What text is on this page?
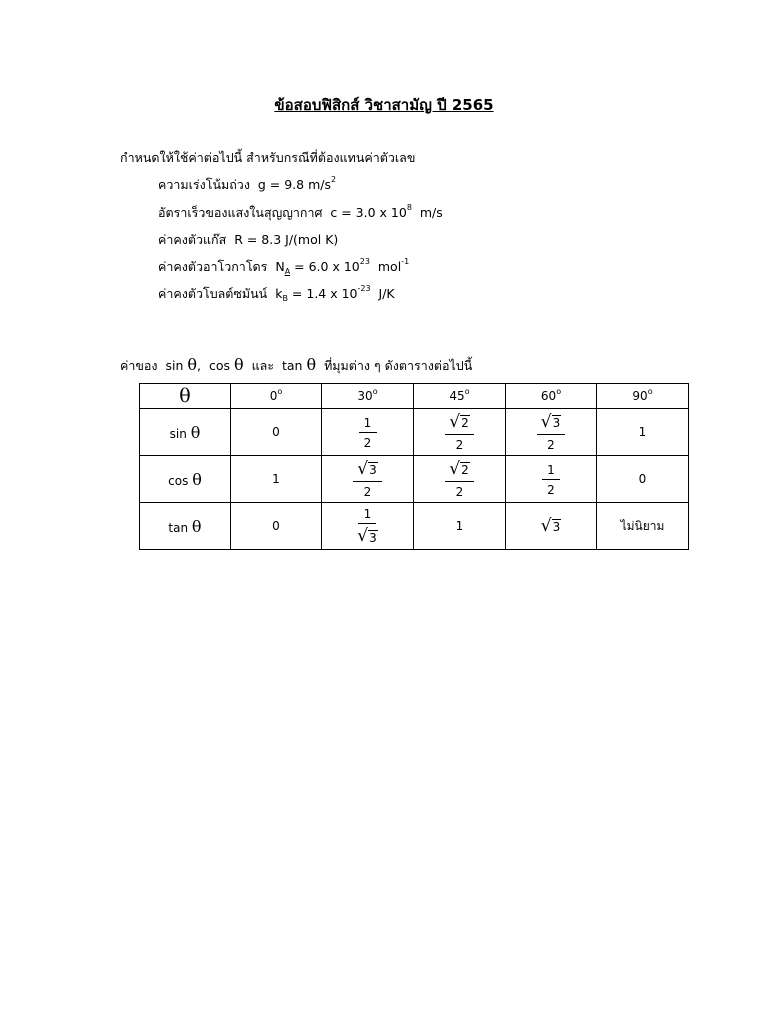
ข้อสอบฟิสิกส์ วิชาสามัญ ปี 2565
กำหนดให้ใช้ค่าต่อไปนี้ สำหรับกรณีที่ต้องแทนค่าตัวเลข
ความเร่งโน้มถ่วง g = 9.8 $m/s^2$
อัตราเร็วของแสงในสุญญากาศ c = 3.0 x $10^8$ m/s
ค่าคงตัวแก๊ส R = 8.3 J/(mol K)
ค่าคงตัวอาโวกาโดร $N_A = 6.0$ x $10^{23}$ mol$^{-1}$
ค่าคงตัวโบลต์ซมันน์ $k_B = 1.4$ x $10^{-23}$ J/K
ค่าของ sin θ, cos θ และ tan θ ที่มุมต่าง ๆ ดังตารางต่อไปนี้
θ	0$^o$	30$^o$	45$^o$	60$^o$	90$^o$
sin θ	0	$\frac{1}{2}$	$\frac{√ 2}{2}$	$\frac{√ 3}{2}$	1
cos θ	1	$\frac{√ 3}{2}$	$\frac{√ 2}{2}$	$\frac{1}{2}$	0
tan θ	0	$\frac{1}{√ 3}$	1	√ 3	ไม่นิยาม
